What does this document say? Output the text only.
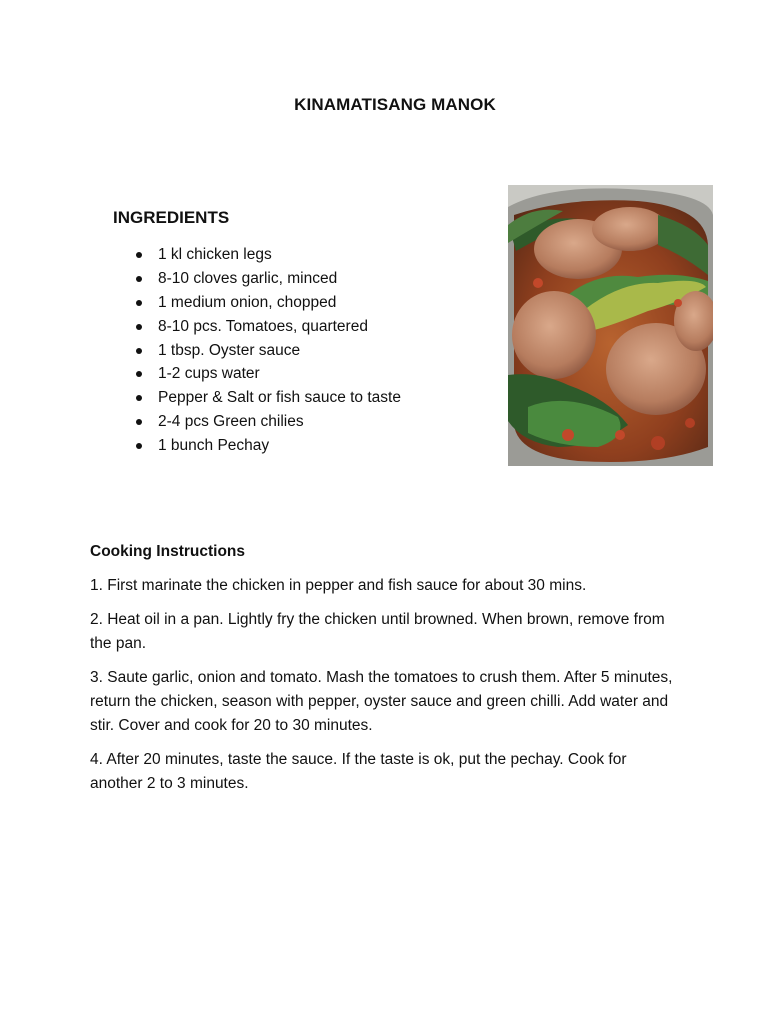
KINAMATISANG MANOK
INGREDIENTS
1 kl chicken legs
8-10 cloves garlic, minced
1 medium onion, chopped
8-10 pcs. Tomatoes, quartered
1 tbsp. Oyster sauce
1-2 cups water
Pepper & Salt or fish sauce to taste
2-4 pcs Green chilies
1 bunch Pechay
Cooking Instructions
1. First marinate the chicken in pepper and fish sauce for about 30 mins.
2. Heat oil in a pan. Lightly fry the chicken until browned. When brown, remove from the pan.
3. Saute garlic, onion and tomato. Mash the tomatoes to crush them. After 5 minutes, return the chicken, season with pepper, oyster sauce and green chilli. Add water and stir. Cover and cook for 20 to 30 minutes.
4. After 20 minutes, taste the sauce. If the taste is ok, put the pechay. Cook for another 2 to 3 minutes.
